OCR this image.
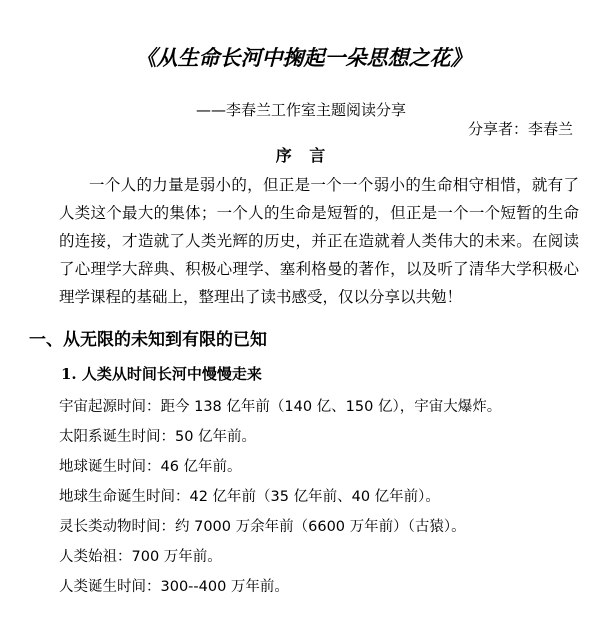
《从生命长河中掬起一朵思想之花》
——李春兰工作室主题阅读分享
分享者：李春兰
序 言

一个人的力量是弱小的，但正是一个一个弱小的生命相守相惜，就有了人类这个最大的集体；一个人的生命是短暂的，但正是一个一个短暂的生命的连接，才造就了人类光辉的历史，并正在造就着人类伟大的未来。在阅读了心理学大辞典、积极心理学、塞利格曼的著作，以及听了清华大学积极心理学课程的基础上，整理出了读书感受，仅以分享以共勉！

一、从无限的未知到有限的已知
1. 人类从时间长河中慢慢走来
宇宙起源时间：距今 138 亿年前（140 亿、150 亿），宇宙大爆炸。
太阳系诞生时间：50 亿年前。
地球诞生时间：46 亿年前。
地球生命诞生时间：42 亿年前（35 亿年前、40 亿年前）。
灵长类动物时间：约 7000 万余年前（6600 万年前）（古猿）。
人类始祖：700 万年前。
人类诞生时间：300--400 万年前。
